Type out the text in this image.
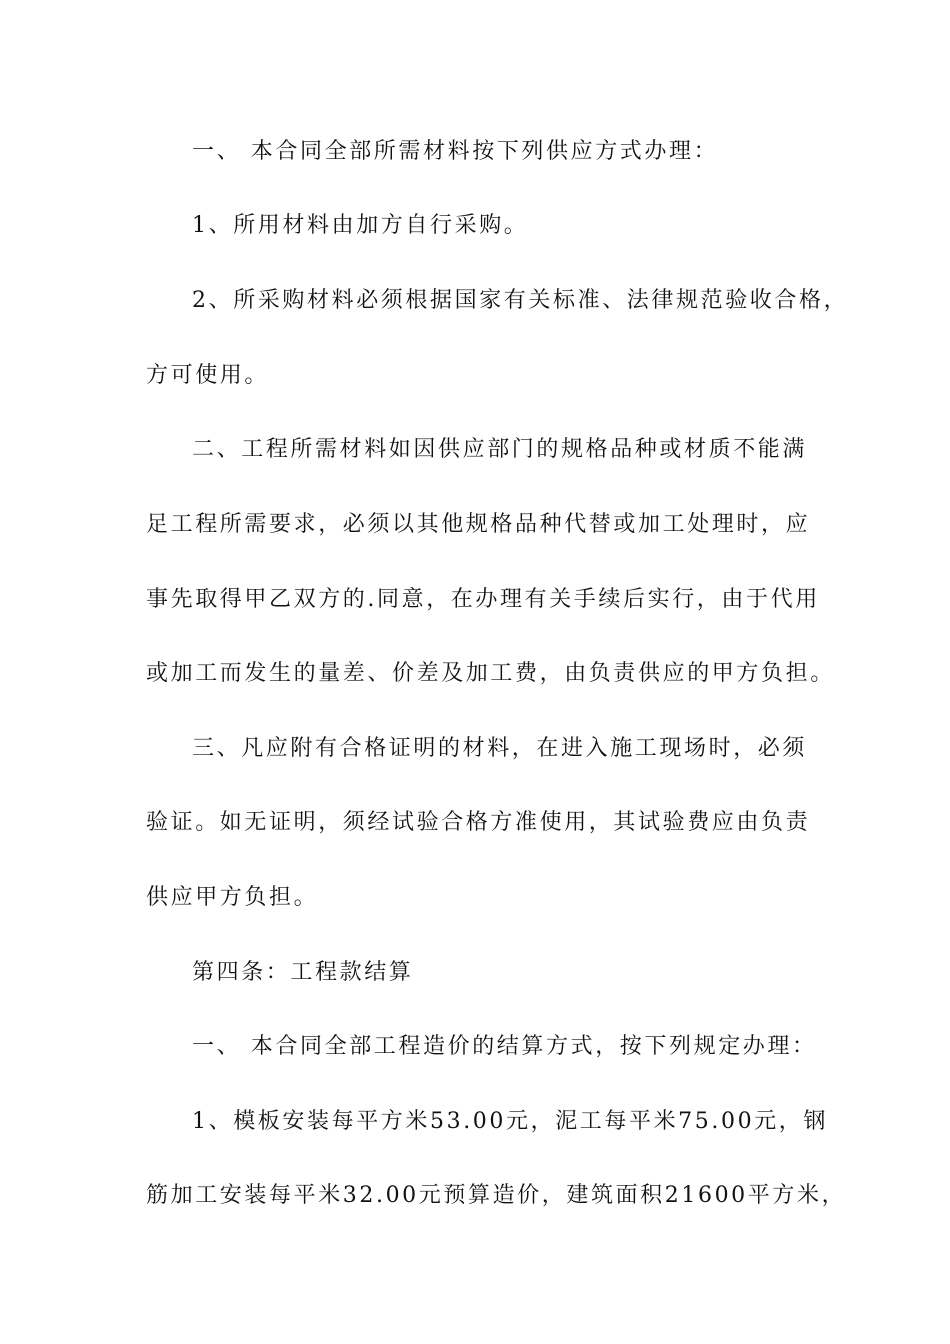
一、 本合同全部所需材料按下列供应方式办理：
1、所用材料由加方自行采购。
2、所采购材料必须根据国家有关标准、法律规范验收合格，
方可使用。
二、工程所需材料如因供应部门的规格品种或材质不能满
足工程所需要求，必须以其他规格品种代替或加工处理时，应
事先取得甲乙双方的.同意，在办理有关手续后实行，由于代用
或加工而发生的量差、价差及加工费，由负责供应的甲方负担。
三、凡应附有合格证明的材料，在进入施工现场时，必须
验证。如无证明，须经试验合格方准使用，其试验费应由负责
供应甲方负担。
第四条：工程款结算
一、 本合同全部工程造价的结算方式，按下列规定办理：
1、模板安装每平方米53.00元，泥工每平米75.00元，钢
筋加工安装每平米32.00元预算造价，建筑面积21600平方米，
